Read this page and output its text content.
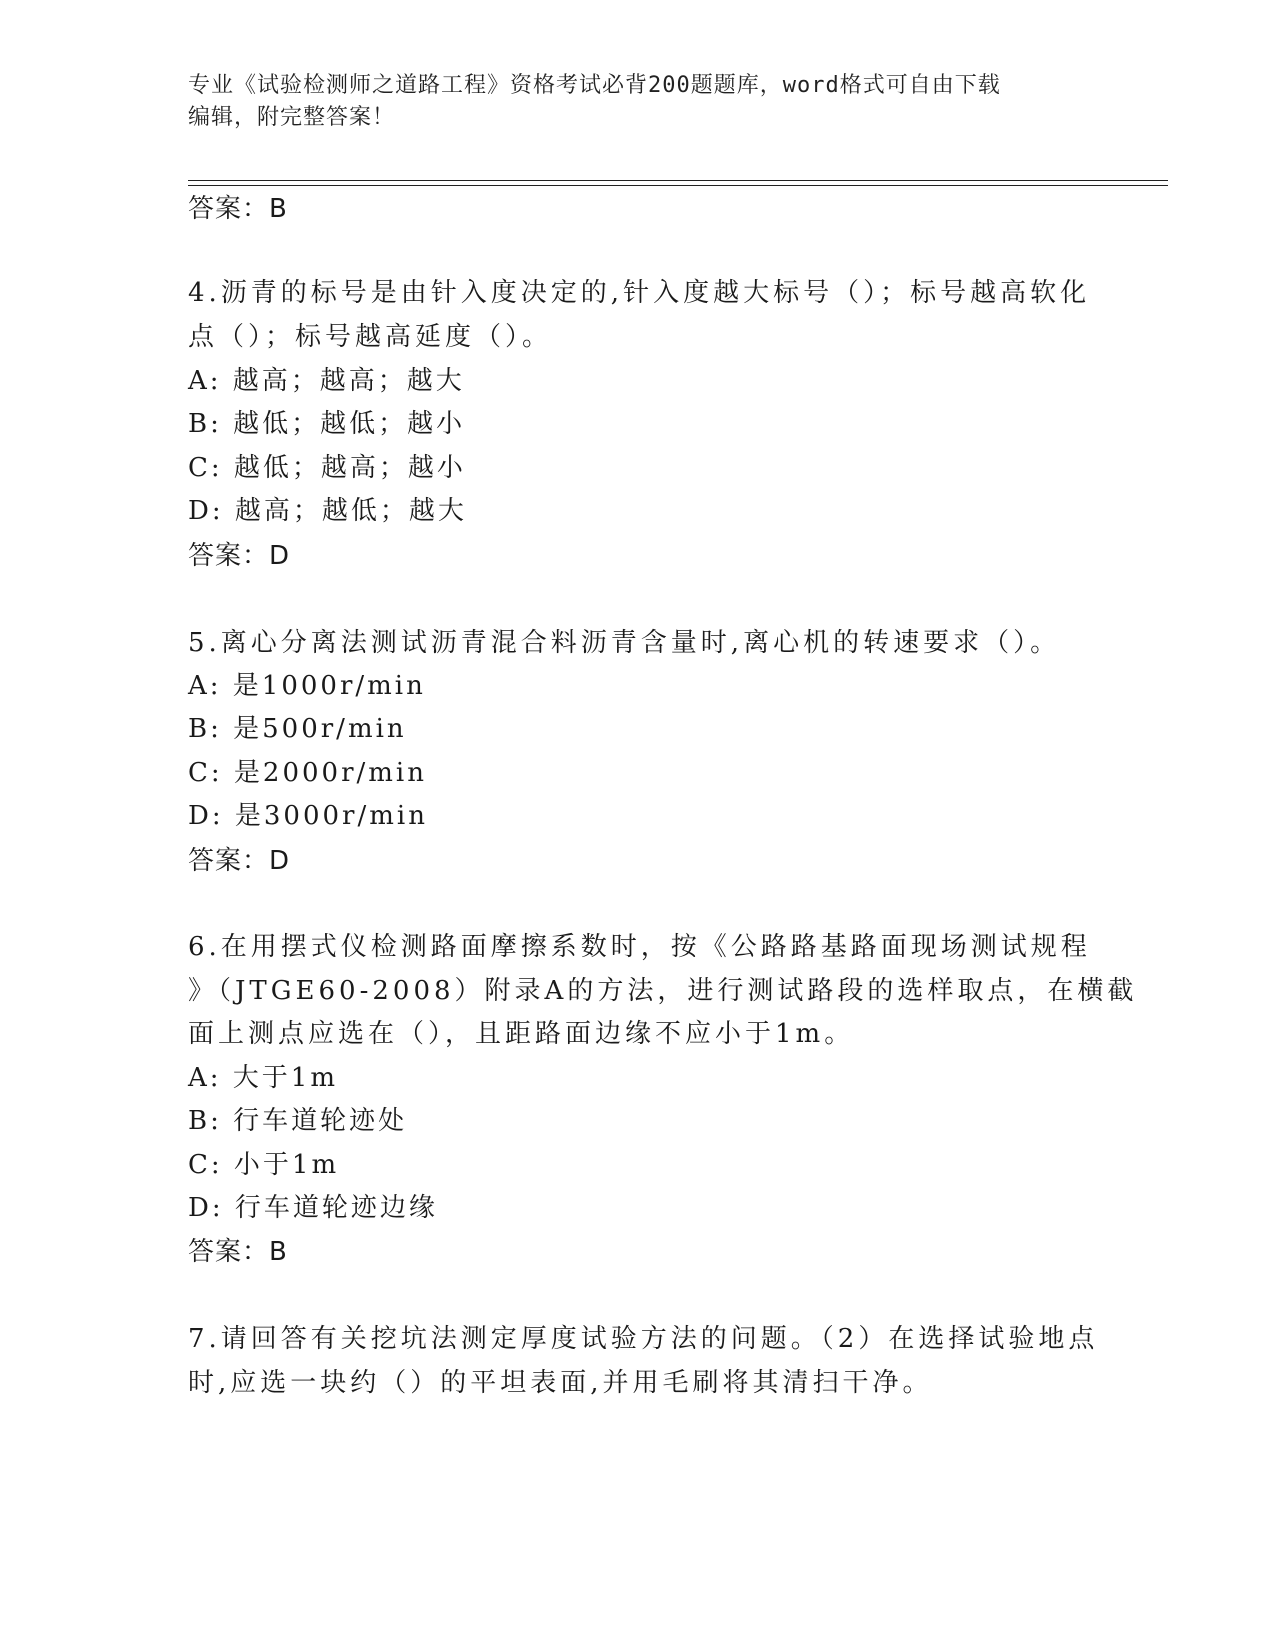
专业《试验检测师之道路工程》资格考试必背200题题库，word格式可自由下载
编辑，附完整答案！
答案：B
4.沥青的标号是由针入度决定的,针入度越大标号（）；标号越高软化
点（）；标号越高延度（）。
A: 越高；越高；越大
B: 越低；越低；越小
C: 越低；越高；越小
D: 越高；越低；越大
答案：D
5.离心分离法测试沥青混合料沥青含量时,离心机的转速要求（）。
A: 是1000r/min
B: 是500r/min
C: 是2000r/min
D: 是3000r/min
答案：D
6.在用摆式仪检测路面摩擦系数时，按《公路路基路面现场测试规程
》（JTGE60-2008）附录A的方法，进行测试路段的选样取点，在横截
面上测点应选在（），且距路面边缘不应小于1m。
A: 大于1m
B: 行车道轮迹处
C: 小于1m
D: 行车道轮迹边缘
答案：B
7.请回答有关挖坑法测定厚度试验方法的问题。（2）在选择试验地点
时,应选一块约（）的平坦表面,并用毛刷将其清扫干净。
